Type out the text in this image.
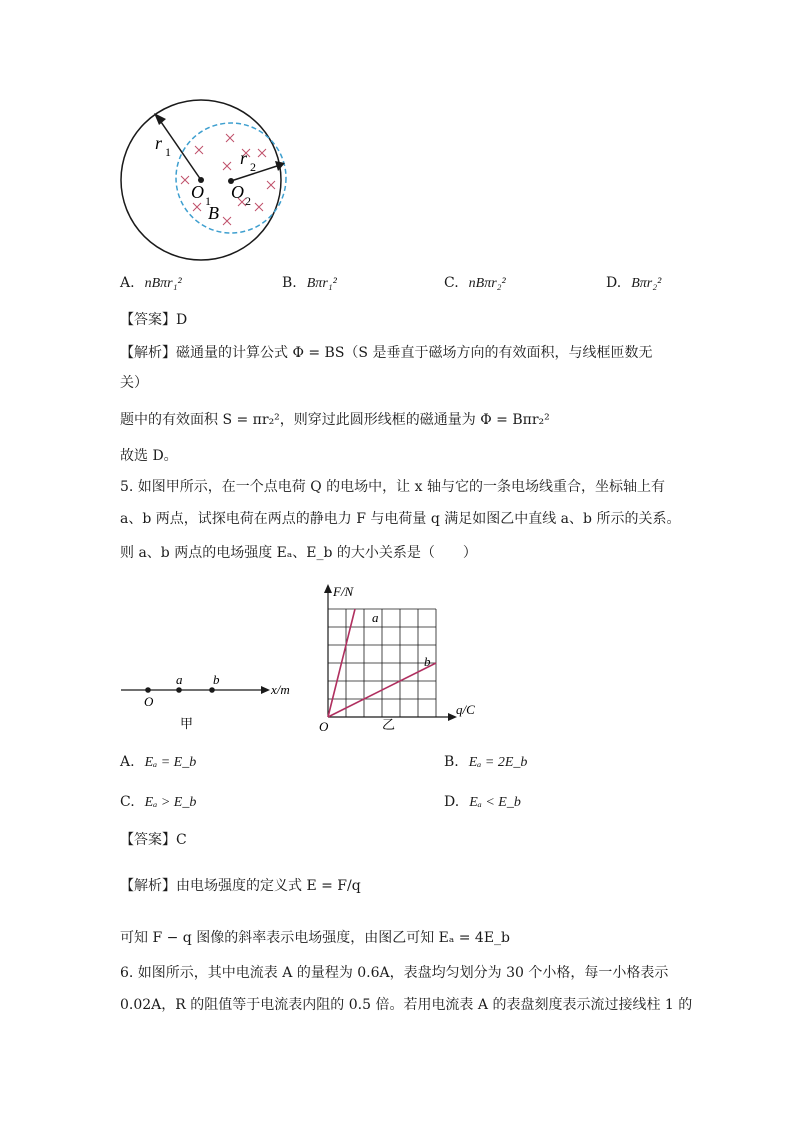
r 1	r 2
O 1 O 2
B
A. nBπr₁²	B. Bπr₁²	C. nBπr₂²	D. Bπr₂²
【答案】D
【解析】磁通量的计算公式 Φ = BS（S 是垂直于磁场方向的有效面积，与线框匝数无
关）
题中的有效面积 S = πr₂²，则穿过此圆形线框的磁通量为 Φ = Bπr₂²
故选 D。
5. 如图甲所示，在一个点电荷 Q 的电场中，让 x 轴与它的一条电场线重合，坐标轴上有
a、b 两点，试探电荷在两点的静电力 F 与电荷量 q 满足如图乙中直线 a、b 所示的关系。
则 a、b 两点的电场强度 Eₐ、E_b 的大小关系是（　　）
O
a b
x/m
甲
F/N
q/C
O
a
b
乙
A. Eₐ = E_b	B. Eₐ = 2E_b
C. Eₐ > E_b	D. Eₐ < E_b
【答案】C
【解析】由电场强度的定义式 E = F/q
可知 F − q 图像的斜率表示电场强度，由图乙可知 Eₐ = 4E_b
6. 如图所示，其中电流表 A 的量程为 0.6A，表盘均匀划分为 30 个小格，每一小格表示
0.02A，R 的阻值等于电流表内阻的 0.5 倍。若用电流表 A 的表盘刻度表示流过接线柱 1 的
